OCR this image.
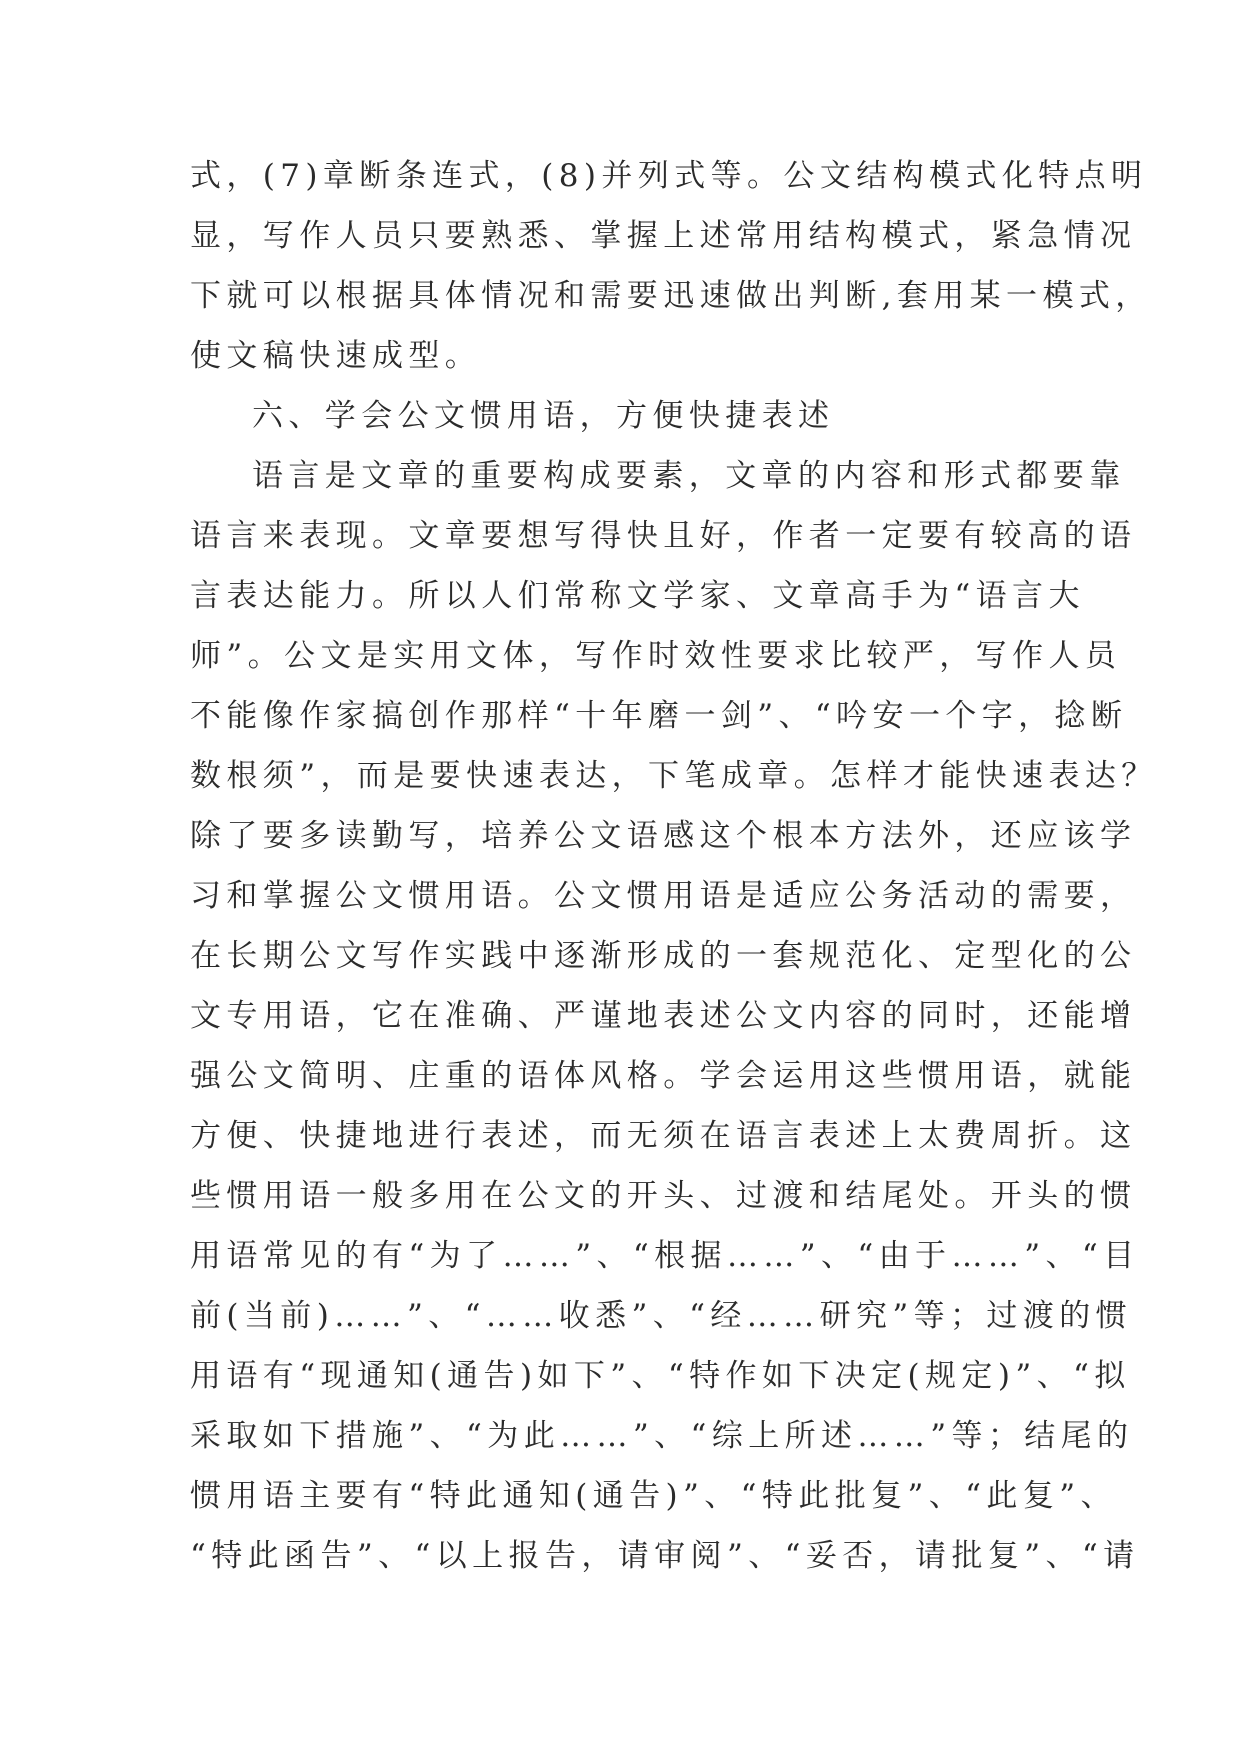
式，(7)章断条连式，(8)并列式等。公文结构模式化特点明
显，写作人员只要熟悉、掌握上述常用结构模式，紧急情况
下就可以根据具体情况和需要迅速做出判断,套用某一模式，
使文稿快速成型。
六、学会公文惯用语，方便快捷表述
语言是文章的重要构成要素，文章的内容和形式都要靠
语言来表现。文章要想写得快且好，作者一定要有较高的语
言表达能力。所以人们常称文学家、文章高手为“语言大
师”。公文是实用文体，写作时效性要求比较严，写作人员
不能像作家搞创作那样“十年磨一剑”、“吟安一个字，捻断
数根须”，而是要快速表达，下笔成章。怎样才能快速表达？
除了要多读勤写，培养公文语感这个根本方法外，还应该学
习和掌握公文惯用语。公文惯用语是适应公务活动的需要，
在长期公文写作实践中逐渐形成的一套规范化、定型化的公
文专用语，它在准确、严谨地表述公文内容的同时，还能增
强公文简明、庄重的语体风格。学会运用这些惯用语，就能
方便、快捷地进行表述，而无须在语言表述上太费周折。这
些惯用语一般多用在公文的开头、过渡和结尾处。开头的惯
用语常见的有“为了……”、“根据……”、“由于……”、“目
前(当前)……”、“……收悉”、“经……研究”等；过渡的惯
用语有“现通知(通告)如下”、“特作如下决定(规定)”、“拟
采取如下措施”、“为此……”、“综上所述……”等；结尾的
惯用语主要有“特此通知(通告)”、“特此批复”、“此复”、
“特此函告”、“以上报告，请审阅”、“妥否，请批复”、“请
